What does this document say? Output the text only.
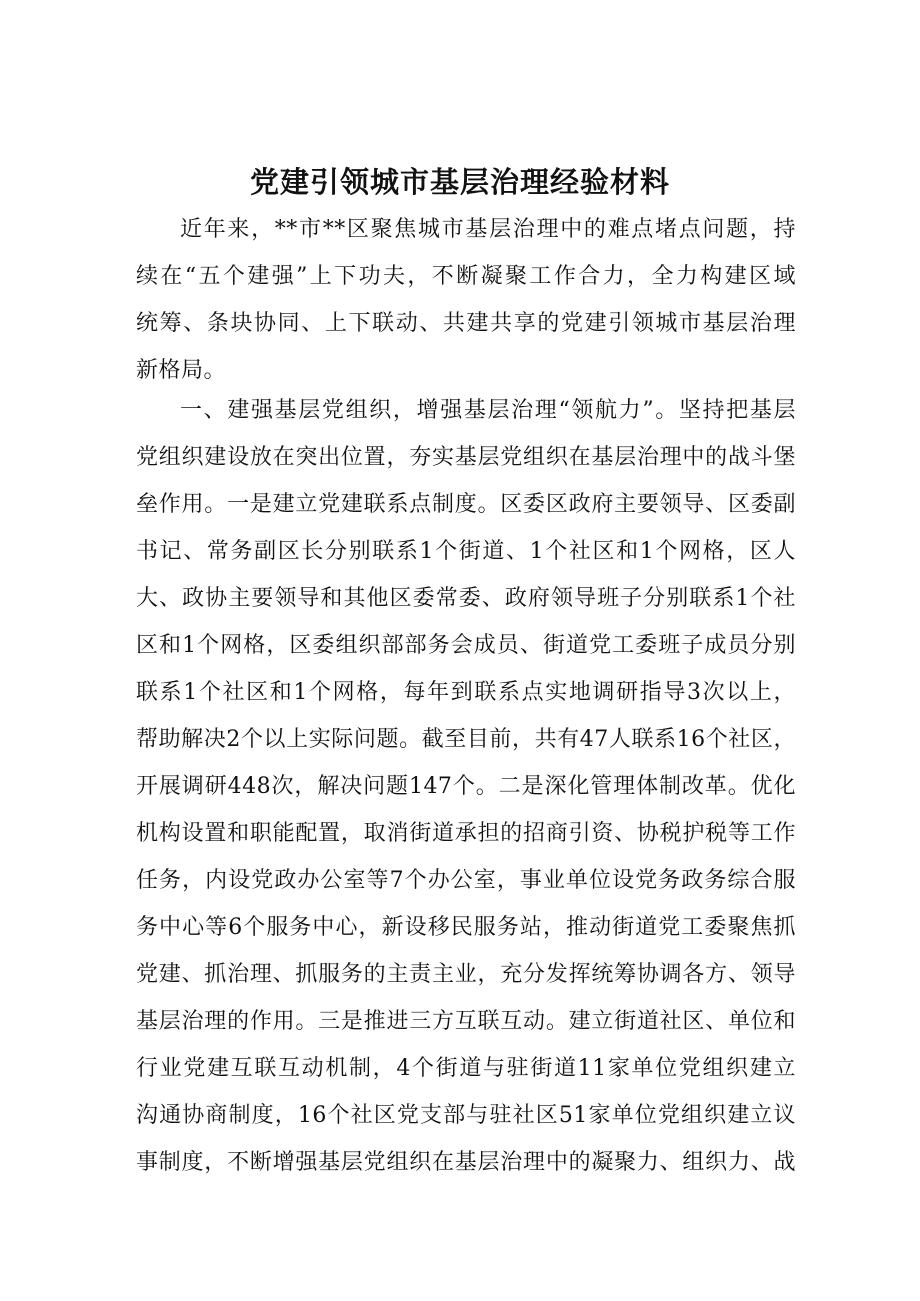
党建引领城市基层治理经验材料
近年来，**市**区聚焦城市基层治理中的难点堵点问题，持
续在“五个建强”上下功夫，不断凝聚工作合力，全力构建区域
统筹、条块协同、上下联动、共建共享的党建引领城市基层治理
新格局。
一、建强基层党组织，增强基层治理“领航力”。坚持把基层
党组织建设放在突出位置，夯实基层党组织在基层治理中的战斗堡
垒作用。一是建立党建联系点制度。区委区政府主要领导、区委副
书记、常务副区长分别联系1个街道、1个社区和1个网格，区人
大、政协主要领导和其他区委常委、政府领导班子分别联系1个社
区和1个网格，区委组织部部务会成员、街道党工委班子成员分别
联系1个社区和1个网格，每年到联系点实地调研指导3次以上，
帮助解决2个以上实际问题。截至目前，共有47人联系16个社区，
开展调研448次，解决问题147个。二是深化管理体制改革。优化
机构设置和职能配置，取消街道承担的招商引资、协税护税等工作
任务，内设党政办公室等7个办公室，事业单位设党务政务综合服
务中心等6个服务中心，新设移民服务站，推动街道党工委聚焦抓
党建、抓治理、抓服务的主责主业，充分发挥统筹协调各方、领导
基层治理的作用。三是推进三方互联互动。建立街道社区、单位和
行业党建互联互动机制，4个街道与驻街道11家单位党组织建立
沟通协商制度，16个社区党支部与驻社区51家单位党组织建立议
事制度，不断增强基层党组织在基层治理中的凝聚力、组织力、战
